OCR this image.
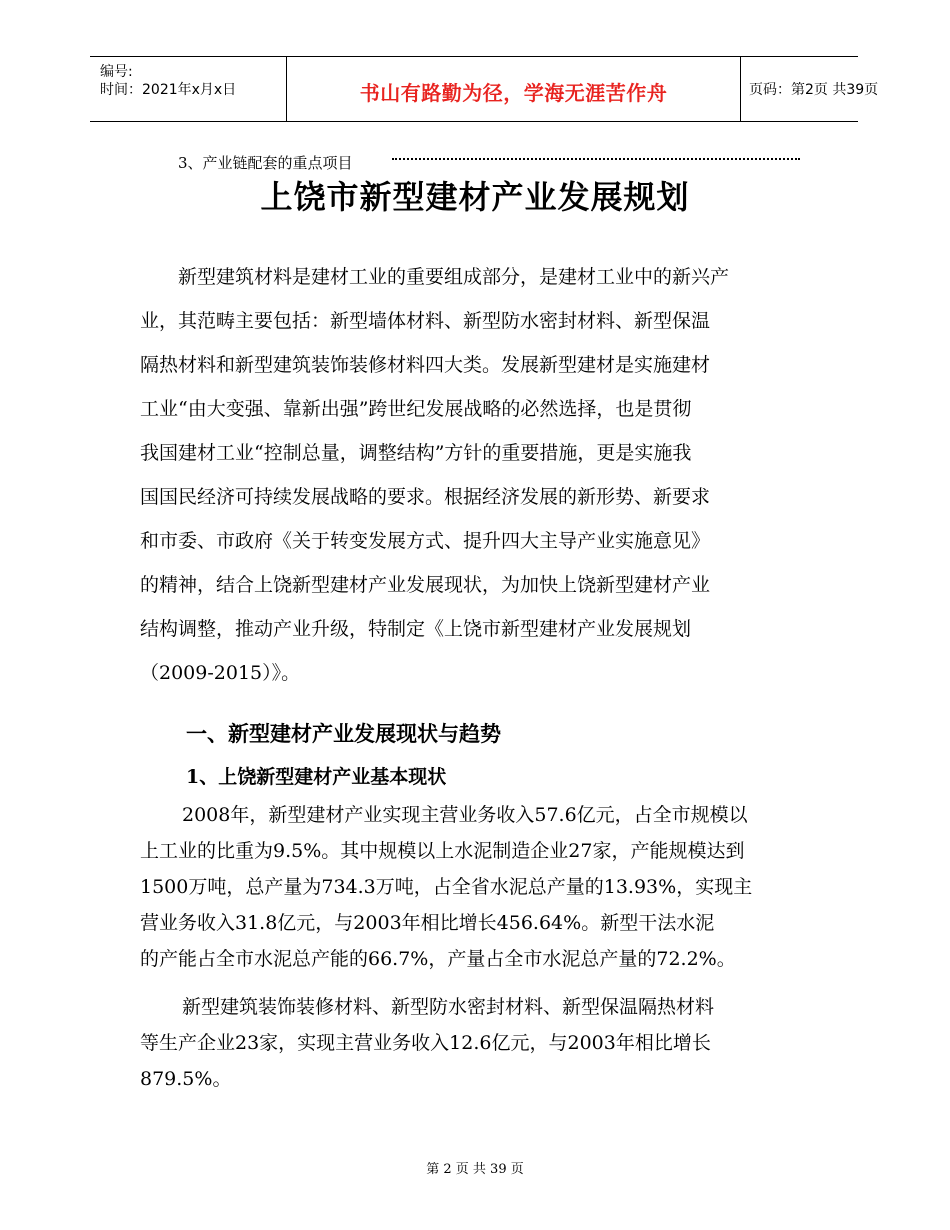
编号:
时间：2021年x月x日	书山有路勤为径，学海无涯苦作舟	页码：第2页 共39页
3、产业链配套的重点项目
上饶市新型建材产业发展规划
新型建筑材料是建材工业的重要组成部分，是建材工业中的新兴产
业，其范畴主要包括：新型墙体材料、新型防水密封材料、新型保温
隔热材料和新型建筑装饰装修材料四大类。发展新型建材是实施建材
工业“由大变强、靠新出强”跨世纪发展战略的必然选择，也是贯彻
我国建材工业“控制总量，调整结构”方针的重要措施，更是实施我
国国民经济可持续发展战略的要求。根据经济发展的新形势、新要求
和市委、市政府《关于转变发展方式、提升四大主导产业实施意见》
的精神，结合上饶新型建材产业发展现状，为加快上饶新型建材产业
结构调整，推动产业升级，特制定《上饶市新型建材产业发展规划
（2009-2015）》。
一、新型建材产业发展现状与趋势
1、上饶新型建材产业基本现状
2008年，新型建材产业实现主营业务收入57.6亿元，占全市规模以
上工业的比重为9.5%。其中规模以上水泥制造企业27家，产能规模达到
1500万吨，总产量为734.3万吨，占全省水泥总产量的13.93%，实现主
营业务收入31.8亿元，与2003年相比增长456.64%。新型干法水泥
的产能占全市水泥总产能的66.7%，产量占全市水泥总产量的72.2%。
新型建筑装饰装修材料、新型防水密封材料、新型保温隔热材料
等生产企业23家，实现主营业务收入12.6亿元，与2003年相比增长
879.5%。
第 2 页 共 39 页
